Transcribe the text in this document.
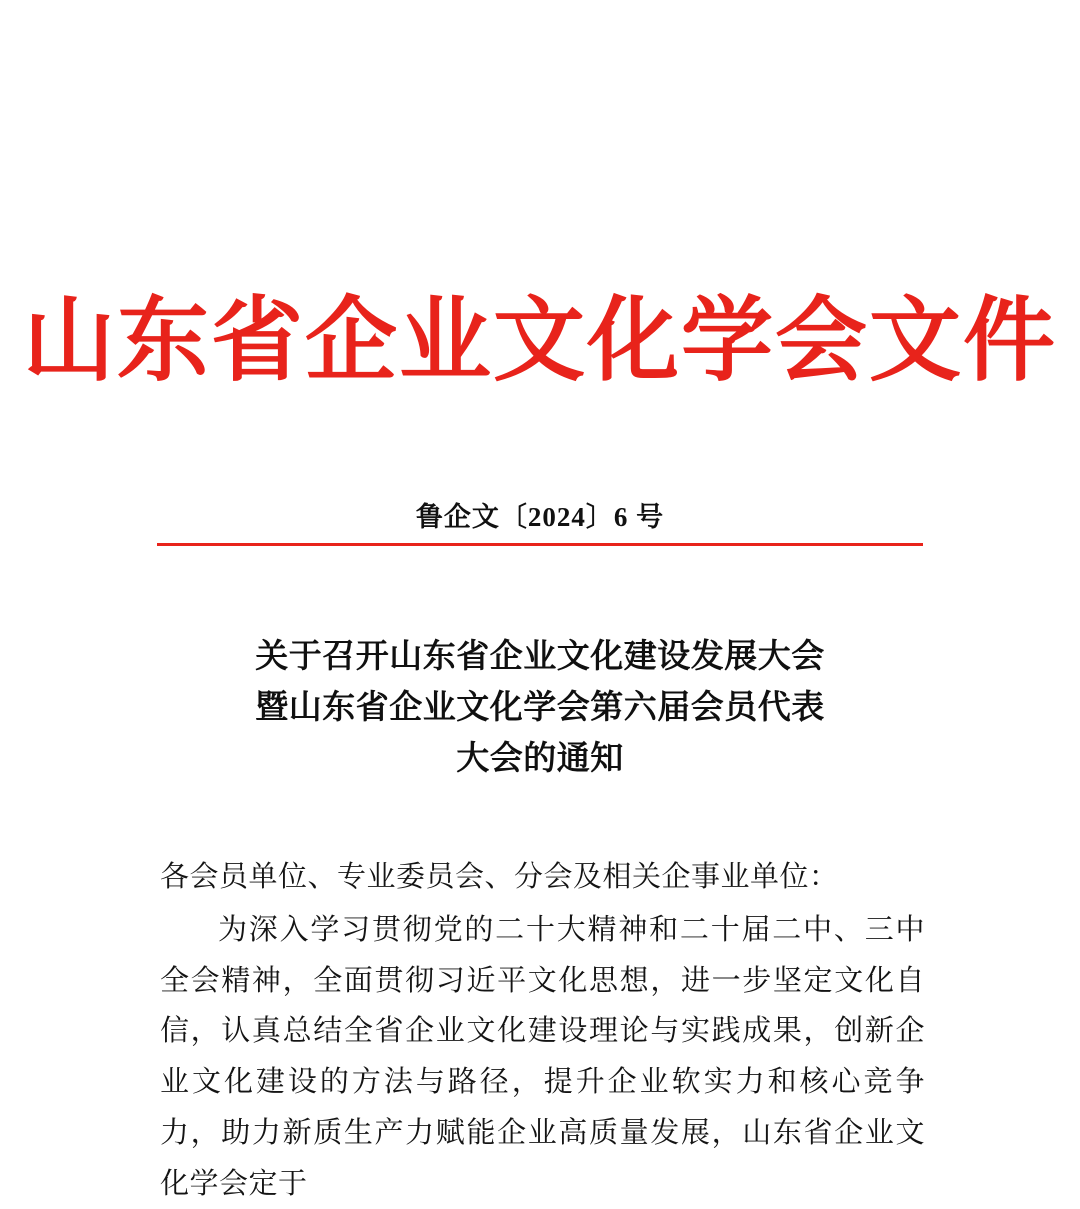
山东省企业文化学会文件
鲁企文〔2024〕6 号
关于召开山东省企业文化建设发展大会
暨山东省企业文化学会第六届会员代表
大会的通知

各会员单位、专业委员会、分会及相关企事业单位：

为深入学习贯彻党的二十大精神和二十届二中、三中全会精神，全面贯彻习近平文化思想，进一步坚定文化自信，认真总结全省企业文化建设理论与实践成果，创新企业文化建设的方法与路径，提升企业软实力和核心竞争力，助力新质生产力赋能企业高质量发展，山东省企业文化学会定于
